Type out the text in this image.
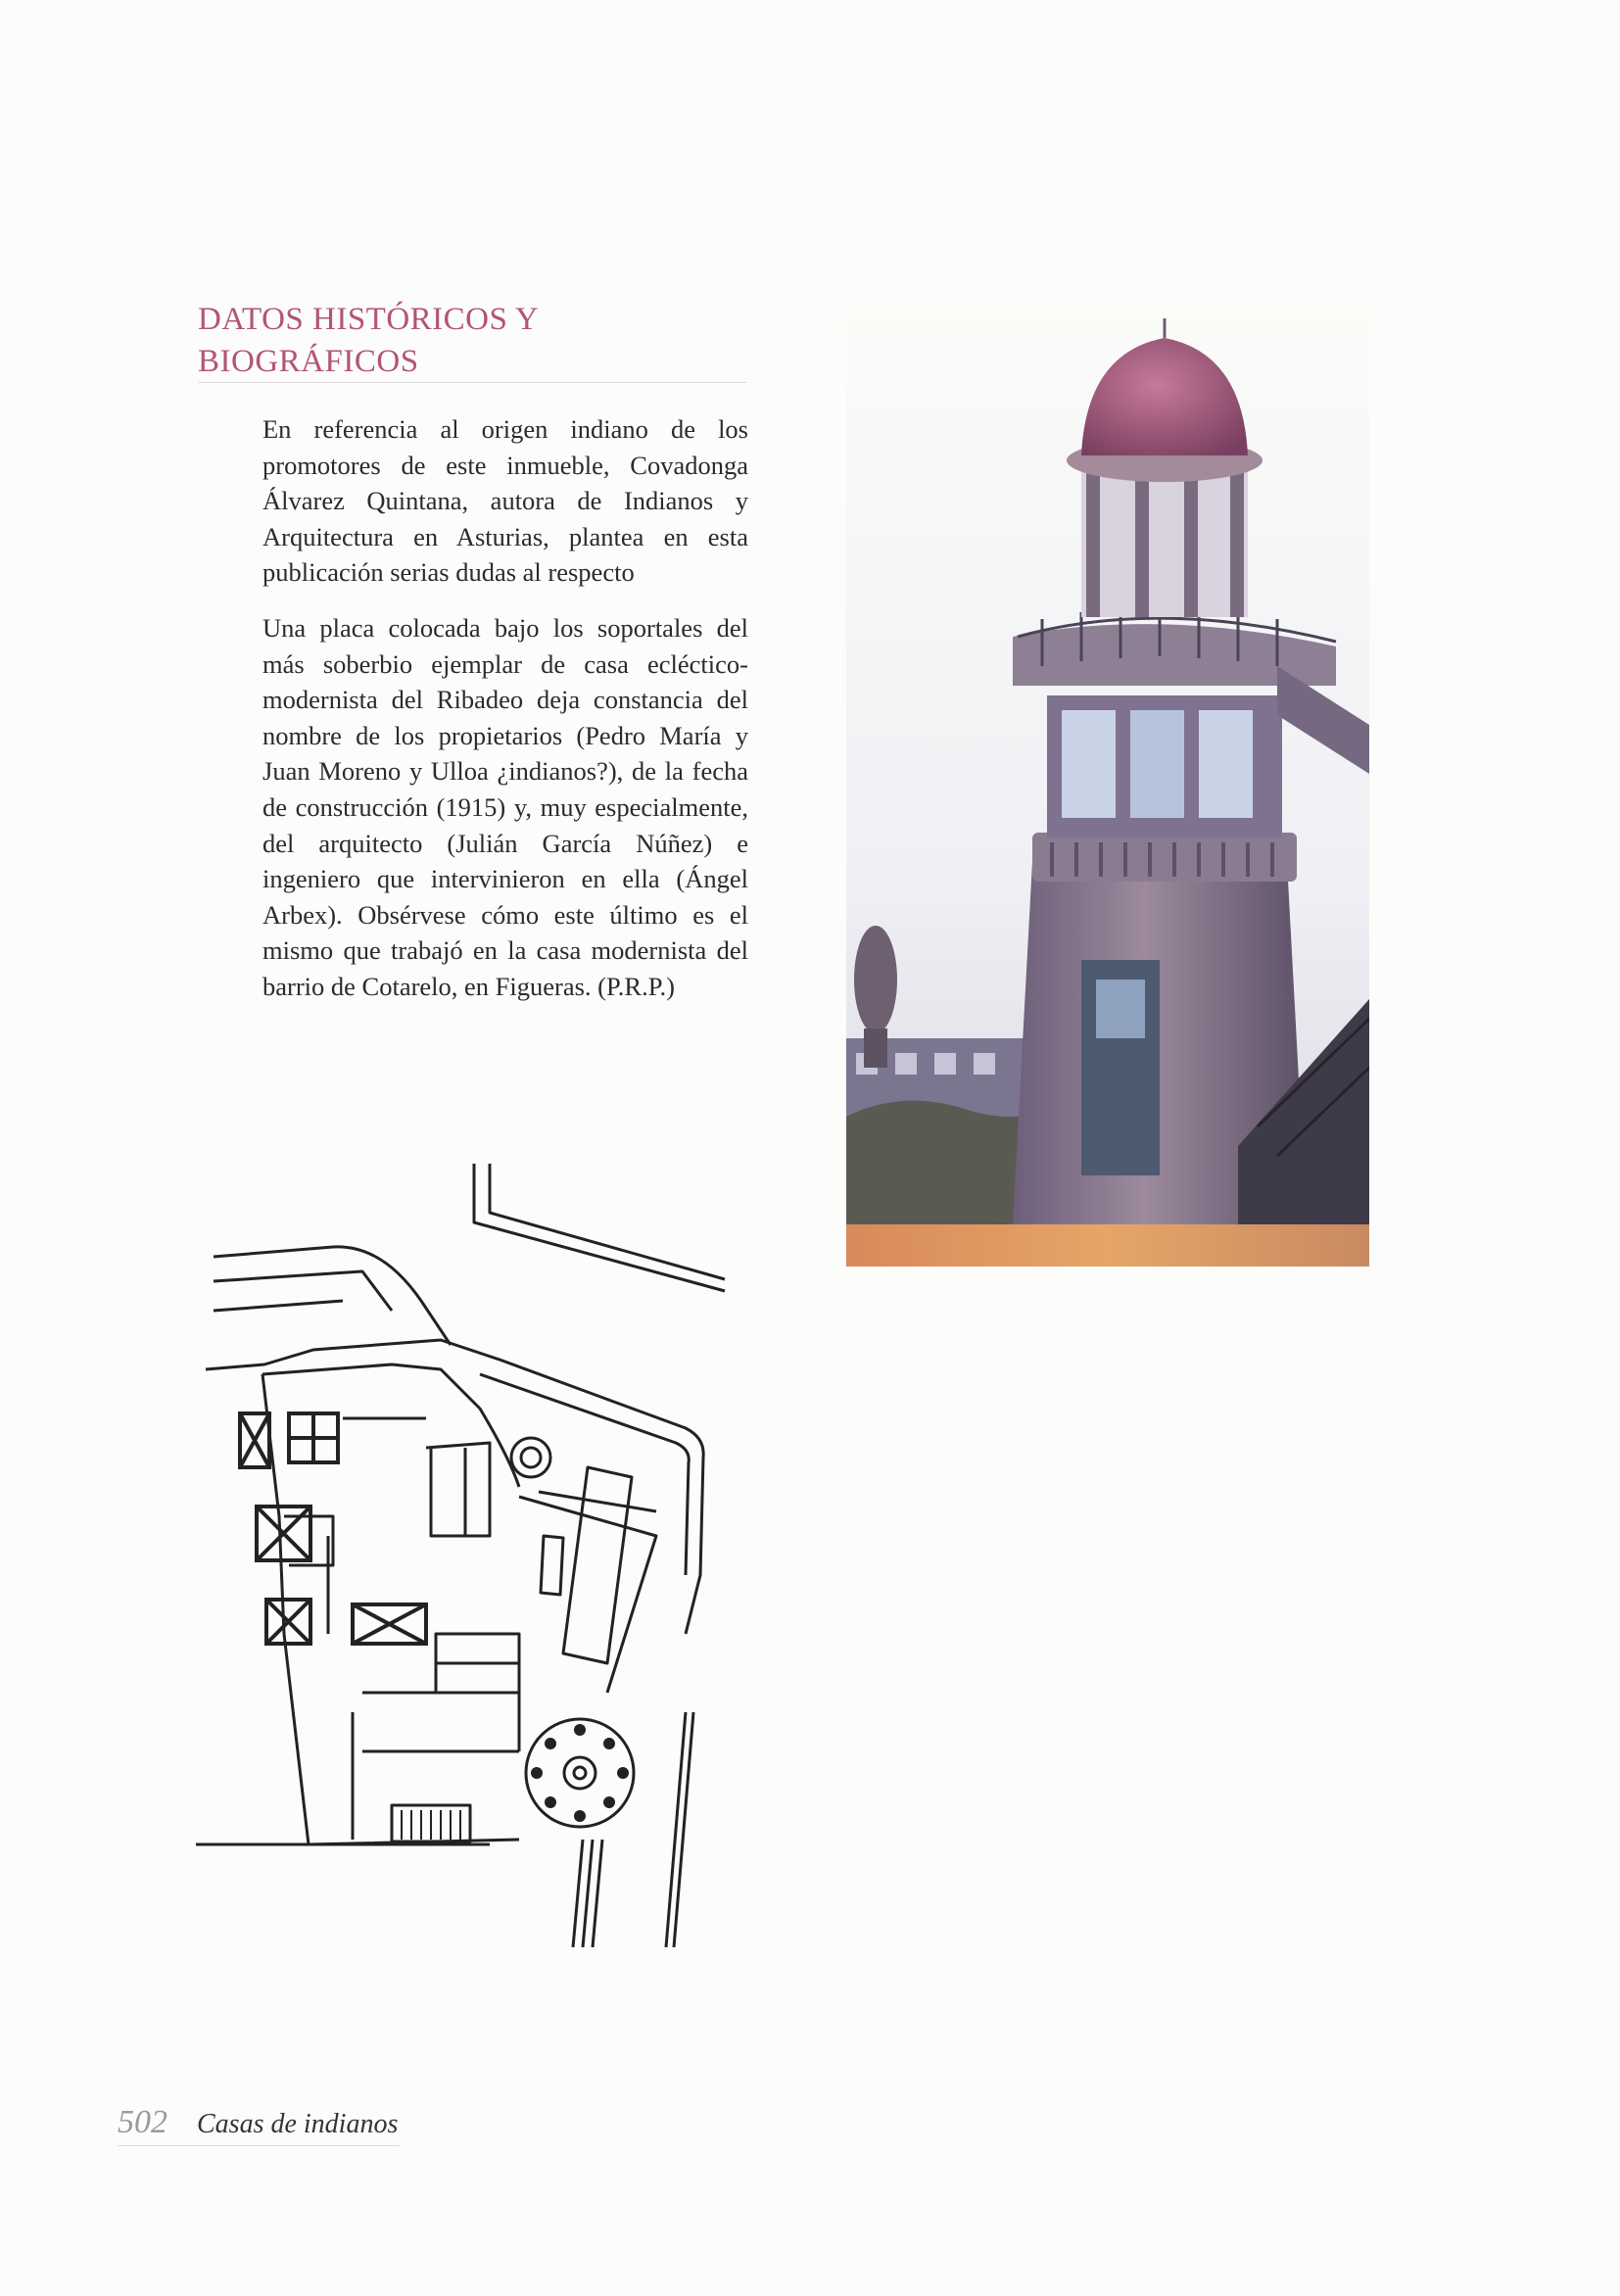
DATOS HISTÓRICOS Y
BIOGRÁFICOS

En referencia al origen indiano de los promotores de este inmueble, Covadonga Álvarez Quintana, autora de Indianos y Arquitectura en Asturias, plantea en esta publicación serias dudas al respecto

Una placa colocada bajo los soportales del más soberbio ejemplar de casa ecléctico-modernista del Ribadeo deja constancia del nombre de los propietarios (Pedro María y Juan Moreno y Ulloa ¿indianos?), de la fecha de construcción (1915) y, muy especialmente, del arquitecto (Julián García Núñez) e ingeniero que intervinieron en ella (Ángel Arbex). Obsérvese cómo este último es el mismo que trabajó en la casa modernista del barrio de Cotarelo, en Figueras. (P.R.P.)

502 Casas de indianos
